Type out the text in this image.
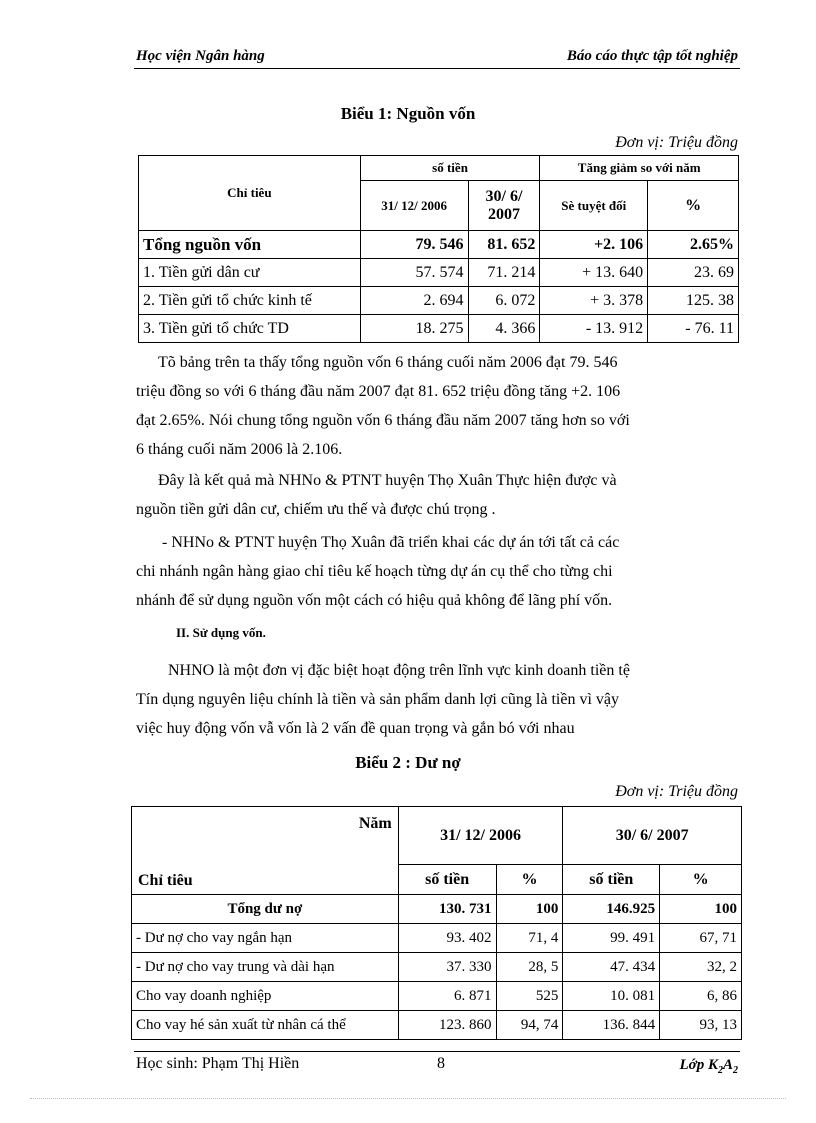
Học viện Ngân hàng	Báo cáo thực tập tốt nghiệp
Biểu 1: Nguồn vốn
Đơn vị: Triệu đồng
Chỉ tiêu	số tiền		Tăng giảm so với năm	
	31/ 12/ 2006	30/ 6/ 2007	Sè tuyệt đối	%
Tổng nguồn vốn	79. 546	81. 652	+2. 106	2.65%
1. Tiền gửi dân cư	57. 574	71. 214	+ 13. 640	23. 69
2. Tiền gửi tổ chức kinh tế	2. 694	6. 072	+ 3. 378	125. 38
3. Tiền gửi tổ chức TD	18. 275	4. 366	- 13. 912	- 76. 11
Tõ bảng trên ta thấy tổng nguồn vốn 6 tháng cuối năm 2006 đạt 79. 546
triệu đồng so với 6 tháng đầu năm 2007 đạt 81. 652 triệu đồng tăng +2. 106
đạt 2.65%. Nói chung tổng nguồn vốn 6 tháng đầu năm 2007 tăng hơn so với
6 tháng cuối năm 2006 là 2.106.
Đây là kết quả mà NHNo & PTNT huyện Thọ Xuân Thực hiện được và
nguồn tiền gửi dân cư, chiếm ưu thế và được chú trọng .
- NHNo & PTNT huyện Thọ Xuân đã triển khai các dự án tới tất cả các
chi nhánh ngân hàng giao chỉ tiêu kế hoạch từng dự án cụ thể cho từng chi
nhánh để sử dụng nguồn vốn một cách có hiệu quả không để lãng phí vốn.
II. Sử dụng vốn.
NHNO là một đơn vị đặc biệt hoạt động trên lĩnh vực kinh doanh tiền tệ
Tín dụng nguyên liệu chính là tiền và sản phẩm danh lợi cũng là tiền vì vậy
việc huy động vốn vẫ vốn là 2 vấn đề quan trọng và gắn bó với nhau
Biểu 2 : Dư nợ
Đơn vị: Triệu đồng
Năm
Chỉ tiêu	31/ 12/ 2006		30/ 6/ 2007	
	số tiền	%	số tiền	%
Tổng dư nợ	130. 731	100	146.925	100
- Dư nợ cho vay ngắn hạn	93. 402	71, 4	99. 491	67, 71
- Dư nợ cho vay trung và dài hạn	37. 330	28, 5	47. 434	32, 2
Cho vay doanh nghiệp	6. 871	525	10. 081	6, 86
Cho vay hé sản xuất từ nhân cá thể	123. 860	94, 74	136. 844	93, 13
Học sinh: Phạm Thị Hiền	8	Lớp $K_2A_2$
